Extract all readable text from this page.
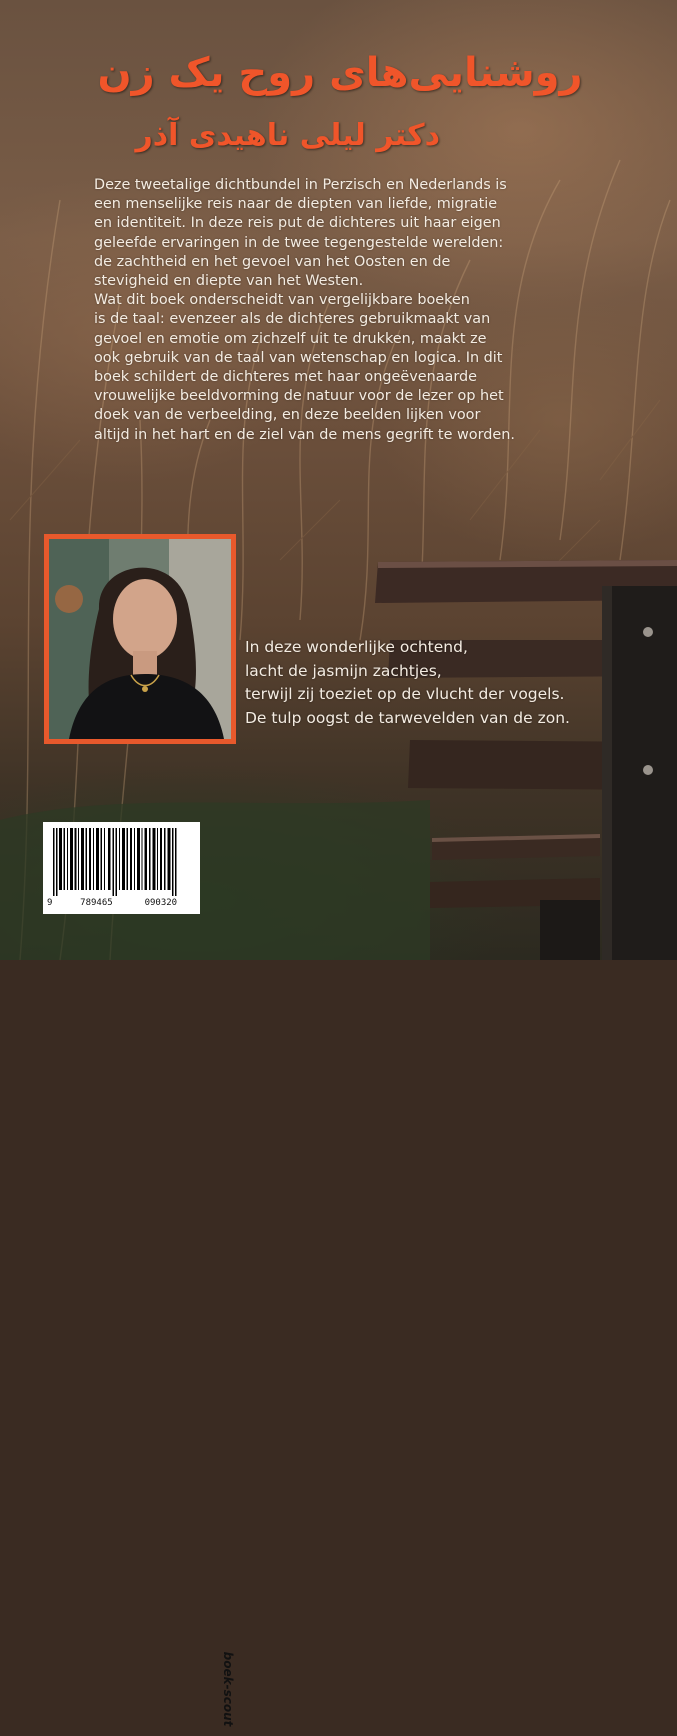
روشنایی‌های روح یک زن
دکتر لیلی ناهیدی آذر

Deze tweetalige dichtbundel in Perzisch en Nederlands is
een menselijke reis naar de diepten van liefde, migratie
en identiteit. In deze reis put de dichteres uit haar eigen
geleefde ervaringen in de twee tegengestelde werelden:
de zachtheid en het gevoel van het Oosten en de
stevigheid en diepte van het Westen.

Wat dit boek onderscheidt van vergelijkbare boeken
is de taal: evenzeer als de dichteres gebruikmaakt van
gevoel en emotie om zichzelf uit te drukken, maakt ze
ook gebruik van de taal van wetenschap en logica. In dit
boek schildert de dichteres met haar ongeëvenaarde
vrouwelijke beeldvorming de natuur voor de lezer op het
doek van de verbeelding, en deze beelden lijken voor
altijd in het hart en de ziel van de mens gegrift te worden.

In deze wonderlijke ochtend,
lacht de jasmijn zachtjes,
terwijl zij toeziet op de vlucht der vogels.
De tulp oogst de tarwevelden van de zon.
9	789465	090320
boek-scout
